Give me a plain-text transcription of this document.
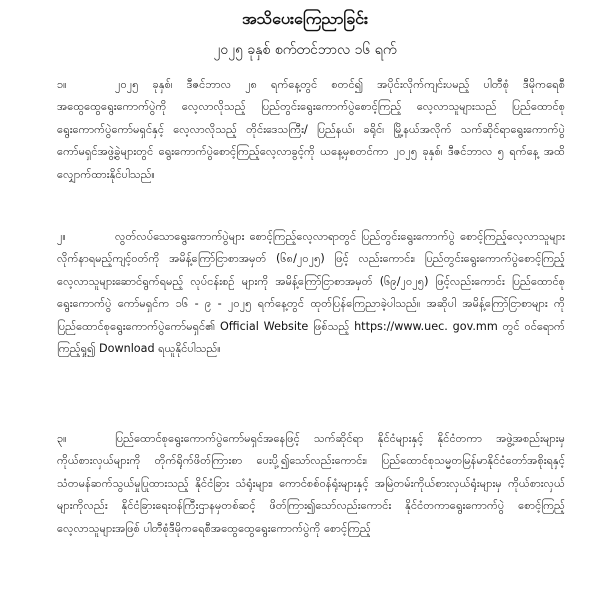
အသိပေးကြေညာခြင်း
၂၀၂၅ ခုနှစ် စက်တင်ဘာလ ၁၆ ရက်
၁။	၂၀၂၅ ခုနှစ်၊ ဒီဇင်ဘာလ ၂၈ ရက်နေ့တွင် စတင်၍ အပိုင်းလိုက်ကျင်းပမည့် ပါတီစုံ ဒီမိုကရေစီအထွေထွေရွေးကောက်ပွဲကို လေ့လာလိုသည့် ပြည်တွင်းရွေးကောက်ပွဲစောင့်ကြည့် လေ့လာသူများသည် ပြည်ထောင်စုရွေးကောက်ပွဲကော်မရှင်နှင့် လေ့လာလိုသည့် တိုင်းဒေသကြီး/ ပြည်နယ်၊ ခရိုင်၊ မြို့နယ်အလိုက် သက်ဆိုင်ရာရွေးကောက်ပွဲကော်မရှင်အဖွဲ့ခွဲများတွင် ရွေးကောက်ပွဲစောင့်ကြည့်လေ့လာခွင့်ကို ယနေ့မှစတင်ကာ ၂၀၂၅ ခုနှစ်၊ ဒီဇင်ဘာလ ၅ ရက်နေ့ အထိ လျှောက်ထားနိုင်ပါသည်။
၂။	လွတ်လပ်သောရွေးကောက်ပွဲများ စောင့်ကြည့်လေ့လာရာတွင် ပြည်တွင်းရွေးကောက်ပွဲ စောင့်ကြည့်လေ့လာသူများလိုက်နာရမည့်ကျင့်ဝတ်ကို အမိန့်ကြော်ငြာစာအမှတ် (၆၈/၂၀၂၅) ဖြင့် လည်းကောင်း၊ ပြည်တွင်းရွေးကောက်ပွဲစောင့်ကြည့်လေ့လာသူများဆောင်ရွက်ရမည့် လုပ်ငန်းစဉ် များကို အမိန့်ကြော်ငြာစာအမှတ် (၆၉/၂၀၂၅) ဖြင့်လည်းကောင်း ပြည်ထောင်စုရွေးကောက်ပွဲ ကော်မရှင်က ၁၆ - ၉ - ၂၀၂၅ ရက်နေ့တွင် ထုတ်ပြန်ကြေညာခဲ့ပါသည်။ အဆိုပါ အမိန့်ကြော်ငြာစာများ ကို ပြည်ထောင်စုရွေးကောက်ပွဲကော်မရှင်၏ Official Website ဖြစ်သည့် https://www.uec. gov.mm တွင် ဝင်ရောက်ကြည့်ရှု၍ Download ရယူနိုင်ပါသည်။
၃။	ပြည်ထောင်စုရွေးကောက်ပွဲကော်မရှင်အနေဖြင့် သက်ဆိုင်ရာ နိုင်ငံများနှင့် နိုင်ငံတကာ အဖွဲ့အစည်းများမှကိုယ်စားလှယ်များကို တိုက်ရိုက်ဖိတ်ကြားစာ ပေးပို့၍သော်လည်းကောင်း၊ ပြည်ထောင်စုသမ္မတမြန်မာနိုင်ငံတော်အစိုးရနှင့် သံတမန်ဆက်သွယ်မှုပြုထားသည့် နိုင်ငံခြား သံရုံးများ၊ ကောင်စစ်ဝန်ရုံးများနှင့် အမြဲတမ်းကိုယ်စားလှယ်ရုံးများမှ ကိုယ်စားလှယ်များကိုလည်း နိုင်ငံခြားရေးဝန်ကြီးဌာနမှတစ်ဆင့် ဖိတ်ကြား၍သော်လည်းကောင်း နိုင်ငံတကာရွေးကောက်ပွဲ စောင့်ကြည့်လေ့လာသူများအဖြစ် ပါတီစုံဒီမိုကရေစီအထွေထွေရွေးကောက်ပွဲကို စောင့်ကြည့်
